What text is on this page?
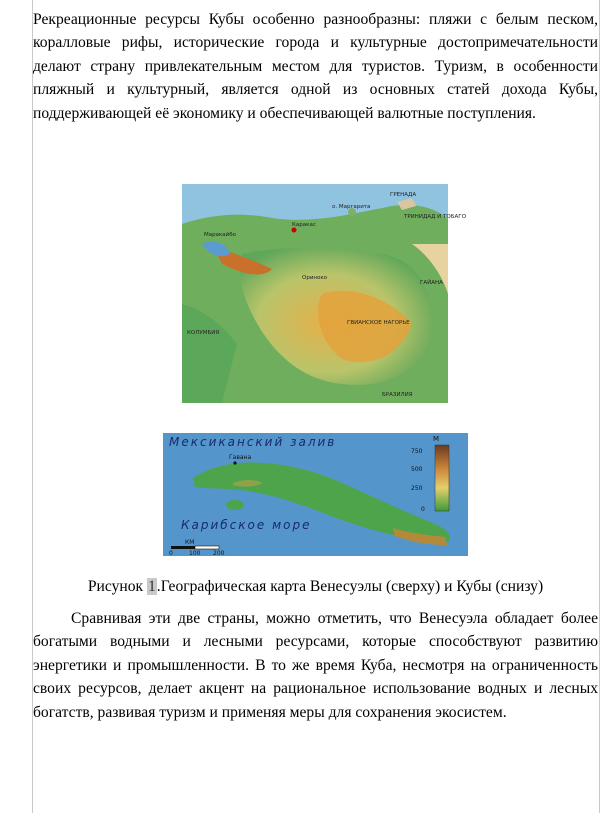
Рекреационные ресурсы Кубы особенно разнообразны: пляжи с белым песком, коралловые рифы, исторические города и культурные достопримечательности делают страну привлекательным местом для туристов. Туризм, в особенности пляжный и культурный, является одной из основных статей дохода Кубы, поддерживающей её экономику и обеспечивающей валютные поступления.

ГРЕНАДА
о. Маргарита
ТРИНИДАД И ТОБАГО
Маракайбо
Каракас
Ориноко
ГВИАНСКОЕ НАГОРЬЕ
КОЛУМБИЯ
ГАЙАНА
БРАЗИЛИЯ
Мексиканский залив
Карибское море
Гавана
КМ
0	100 200
М
750
500
250
0
Рисунок 1.Географическая карта Венесуэлы (сверху) и Кубы (снизу)

Сравнивая эти две страны, можно отметить, что Венесуэла обладает более богатыми водными и лесными ресурсами, которые способствуют развитию энергетики и промышленности. В то же время Куба, несмотря на ограниченность своих ресурсов, делает акцент на рациональное использование водных и лесных богатств, развивая туризм и применяя меры для сохранения экосистем.
